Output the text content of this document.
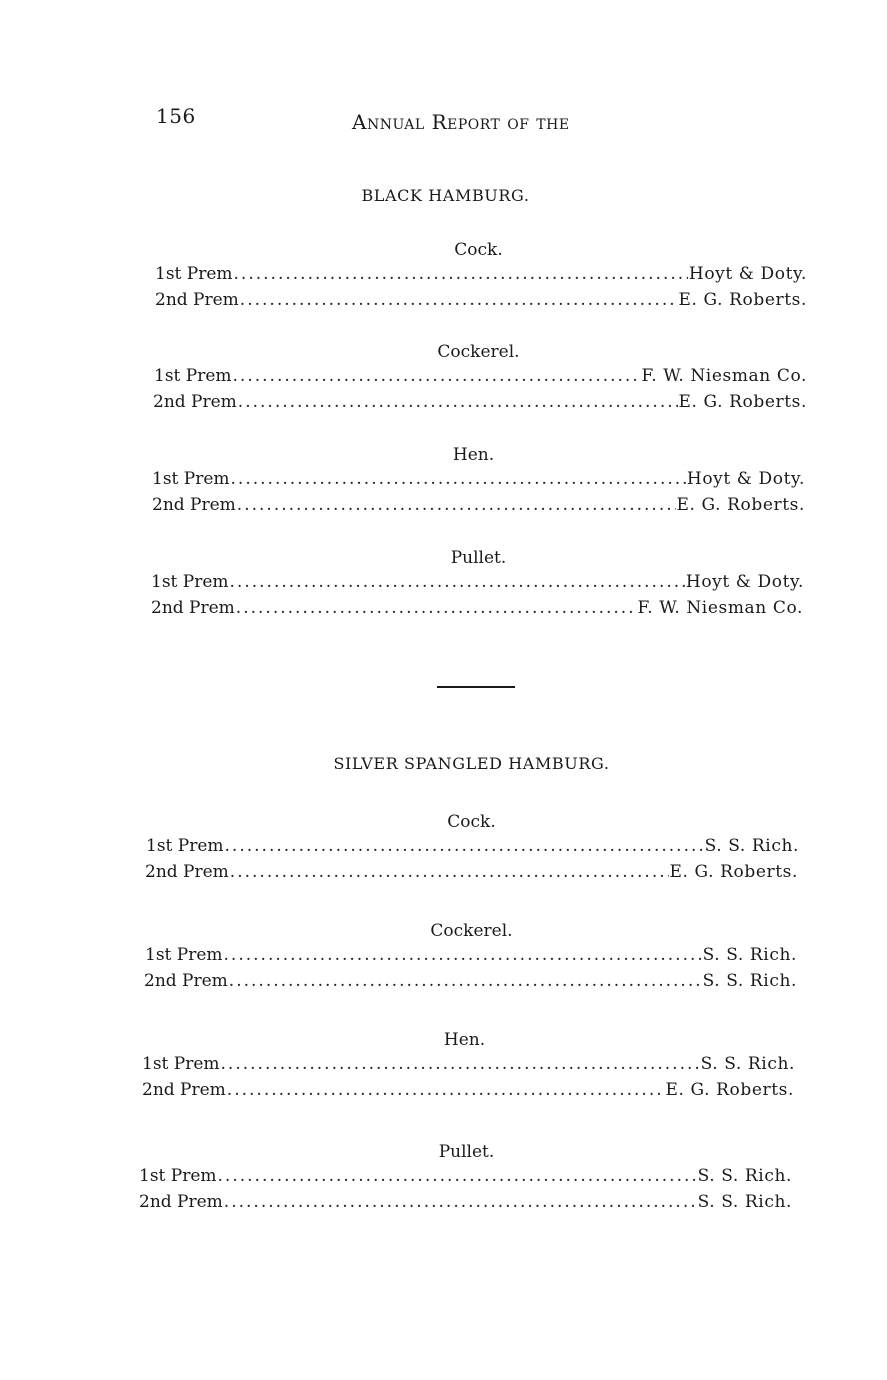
156	Annual Report of the
BLACK HAMBURG.
Cock.
1st Prem .....	Hoyt & Doty.
2nd Prem .....	E. G. Roberts.
Cockerel.
1st Prem .....	F. W. Niesman Co.
2nd Prem .....	E. G. Roberts.
Hen.
1st Prem .....	Hoyt & Doty.
2nd Prem .....	E. G. Roberts.
Pullet.
1st Prem .....	Hoyt & Doty.
2nd Prem .....	F. W. Niesman Co.
SILVER SPANGLED HAMBURG.
Cock.
1st Prem .....	S. S. Rich.
2nd Prem .....	E. G. Roberts.
Cockerel.
1st Prem .....	S. S. Rich.
2nd Prem .....	S. S. Rich.
Hen.
1st Prem .....	S. S. Rich.
2nd Prem .....	E. G. Roberts.
Pullet.
1st Prem .....	S. S. Rich.
2nd Prem .....	S. S. Rich.
